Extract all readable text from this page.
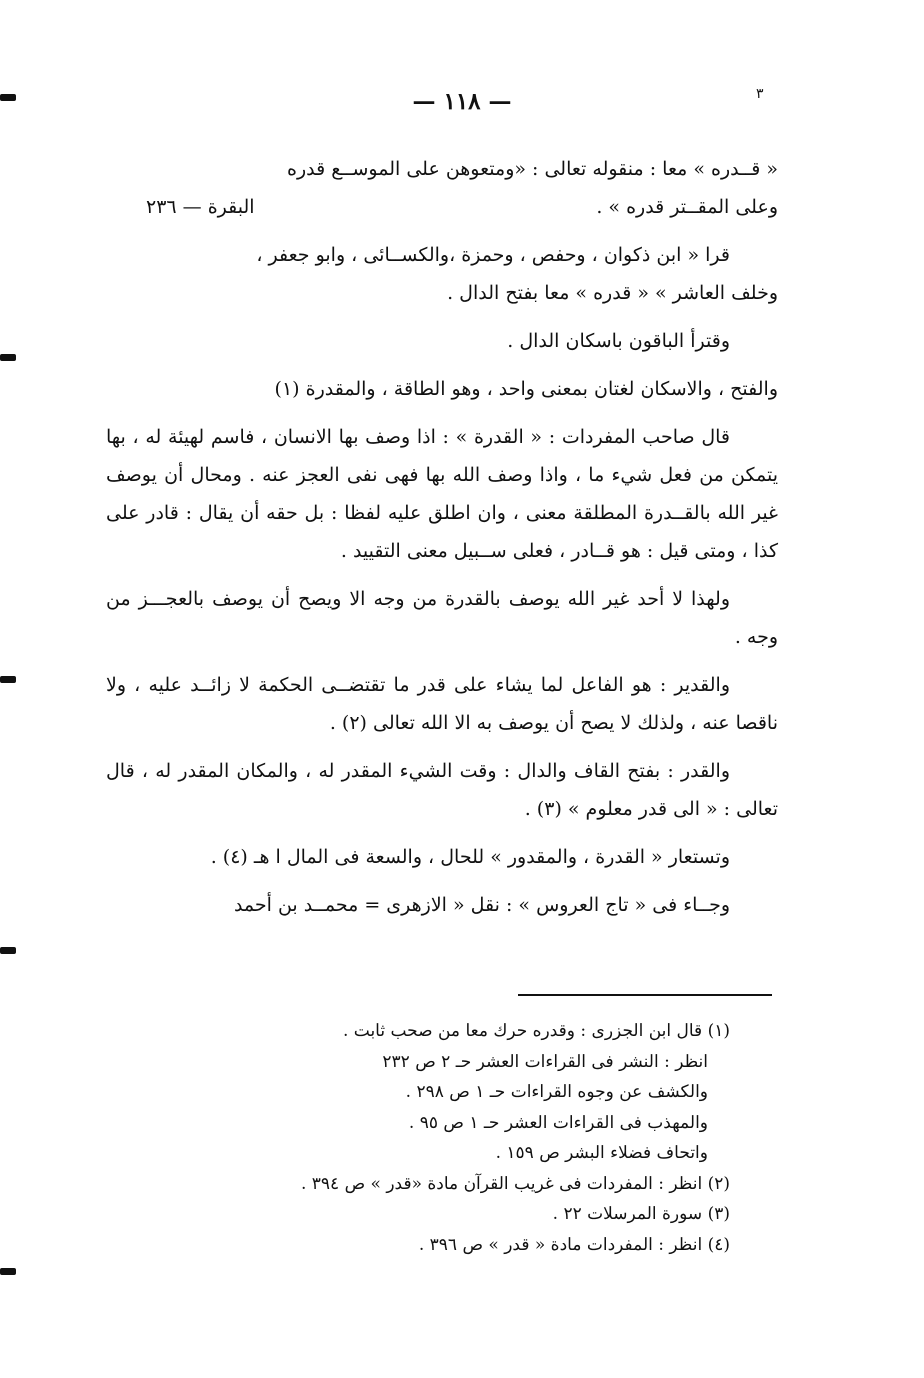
— ١١٨ —	٣

« قــدره » معا : منقوله تعالى : «ومتعوهن على الموســع قدره

وعلى المقــتر قدره » .
البقرة — ٢٣٦

قرا « ابن ذكوان ، وحفص ، وحمزة ،والكســائى ، وابو جعفر ،

وخلف العاشر » « قدره » معا بفتح الدال .

وقترأ الباقون باسكان الدال .

والفتح ، والاسكان لغتان بمعنى واحد ، وهو الطاقة ، والمقدرة (١)

قال صاحب المفردات : « القدرة » : اذا وصف بها الانسان ، فاسم لهيئة له ، بها يتمكن من فعل شيء ما ، واذا وصف الله بها فهى نفى العجز عنه . ومحال أن يوصف غير الله بالقــدرة المطلقة معنى ، وان اطلق عليه لفظا : بل حقه أن يقال : قادر على كذا ، ومتى قيل : هو قــادر ، فعلى ســبيل معنى التقييد .

ولهذا لا أحد غير الله يوصف بالقدرة من وجه الا ويصح أن يوصف بالعجـــز من وجه .

والقدير : هو الفاعل لما يشاء على قدر ما تقتضــى الحكمة لا زائــد عليه ، ولا ناقصا عنه ، ولذلك لا يصح أن يوصف به الا الله تعالى (٢) .

والقدر : بفتح القاف والدال : وقت الشيء المقدر له ، والمكان المقدر له ، قال تعالى : « الى قدر معلوم » (٣) .

وتستعار « القدرة ، والمقدور » للحال ، والسعة فى المال ا هـ (٤) .

وجــاء فى « تاج العروس » : نقل « الازهرى = محمــد بن أحمد

(١) قال ابن الجزرى : وقدره حرك معا من صحب ثابت .
انظر : النشر فى القراءات العشر حـ ٢ ص ٢٣٢
والكشف عن وجوه القراءات حـ ١ ص ٢٩٨ .
والمهذب فى القراءات العشر حـ ١ ص ٩٥ .
واتحاف فضلاء البشر ص ١٥٩ .
(٢) انظر : المفردات فى غريب القرآن مادة «قدر » ص ٣٩٤ .
(٣) سورة المرسلات ٢٢ .
(٤) انظر : المفردات مادة « قدر » ص ٣٩٦ .
